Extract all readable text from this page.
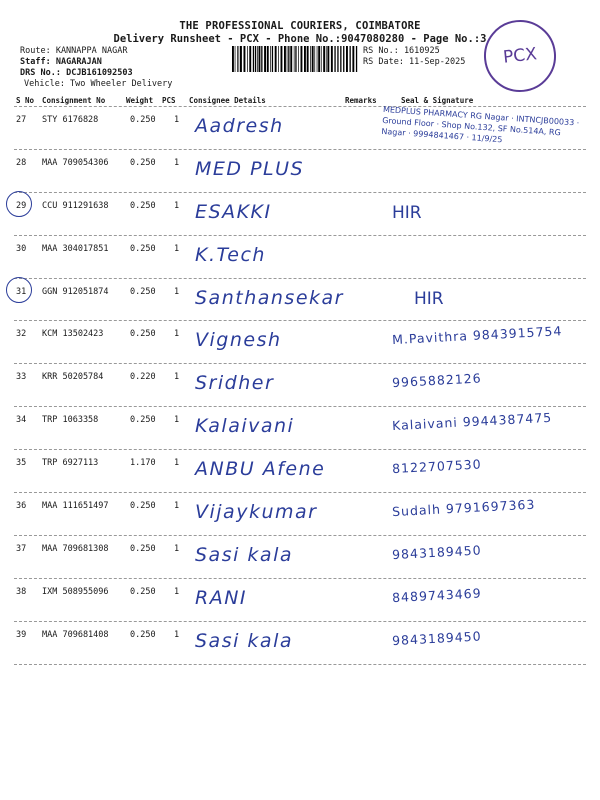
THE PROFESSIONAL COURIERS, COIMBATORE
Delivery Runsheet - PCX - Phone No.:9047080280 - Page No.:3
Route: KANNAPPA NAGAR
Staff: NAGARAJAN
DRS No.: DCJB161092503
Vehicle: Two Wheeler Delivery
RS No.: 1610925
RS Date: 11-Sep-2025	PCX
S No Consignment No	Weight PCS Consignee Details	Remarks	Seal & Signature
27 STY 6176828	0.250 1 Aadresh	MEDPLUS PHARMACY RG Nagar · INTNCJB00033 · Ground Floor · Shop No.132, SF No.514A, RG Nagar · 9994841467 · 11/9/25
28 MAA 709054306	0.250 1 MED PLUS
29 CCU 911291638	0.250 1 ESAKKI	HIR
30 MAA 304017851	0.250 1 K.Tech
31 GGN 912051874	0.250 1 Santhansekar	HIR
32 KCM 13502423	0.250 1 Vignesh	M.Pavithra 9843915754
33 KRR 50205784	0.220 1 Sridher	9965882126
34 TRP 1063358	0.250 1 Kalaivani	Kalaivani 9944387475
35 TRP 6927113	1.170 1 ANBU Afene	8122707530
36 MAA 111651497	0.250 1 Vijaykumar	Sudalh 9791697363
37 MAA 709681308	0.250 1 Sasi kala	9843189450
38 IXM 508955096	0.250 1 RANI	8489743469
39 MAA 709681408	0.250 1 Sasi kala	9843189450
